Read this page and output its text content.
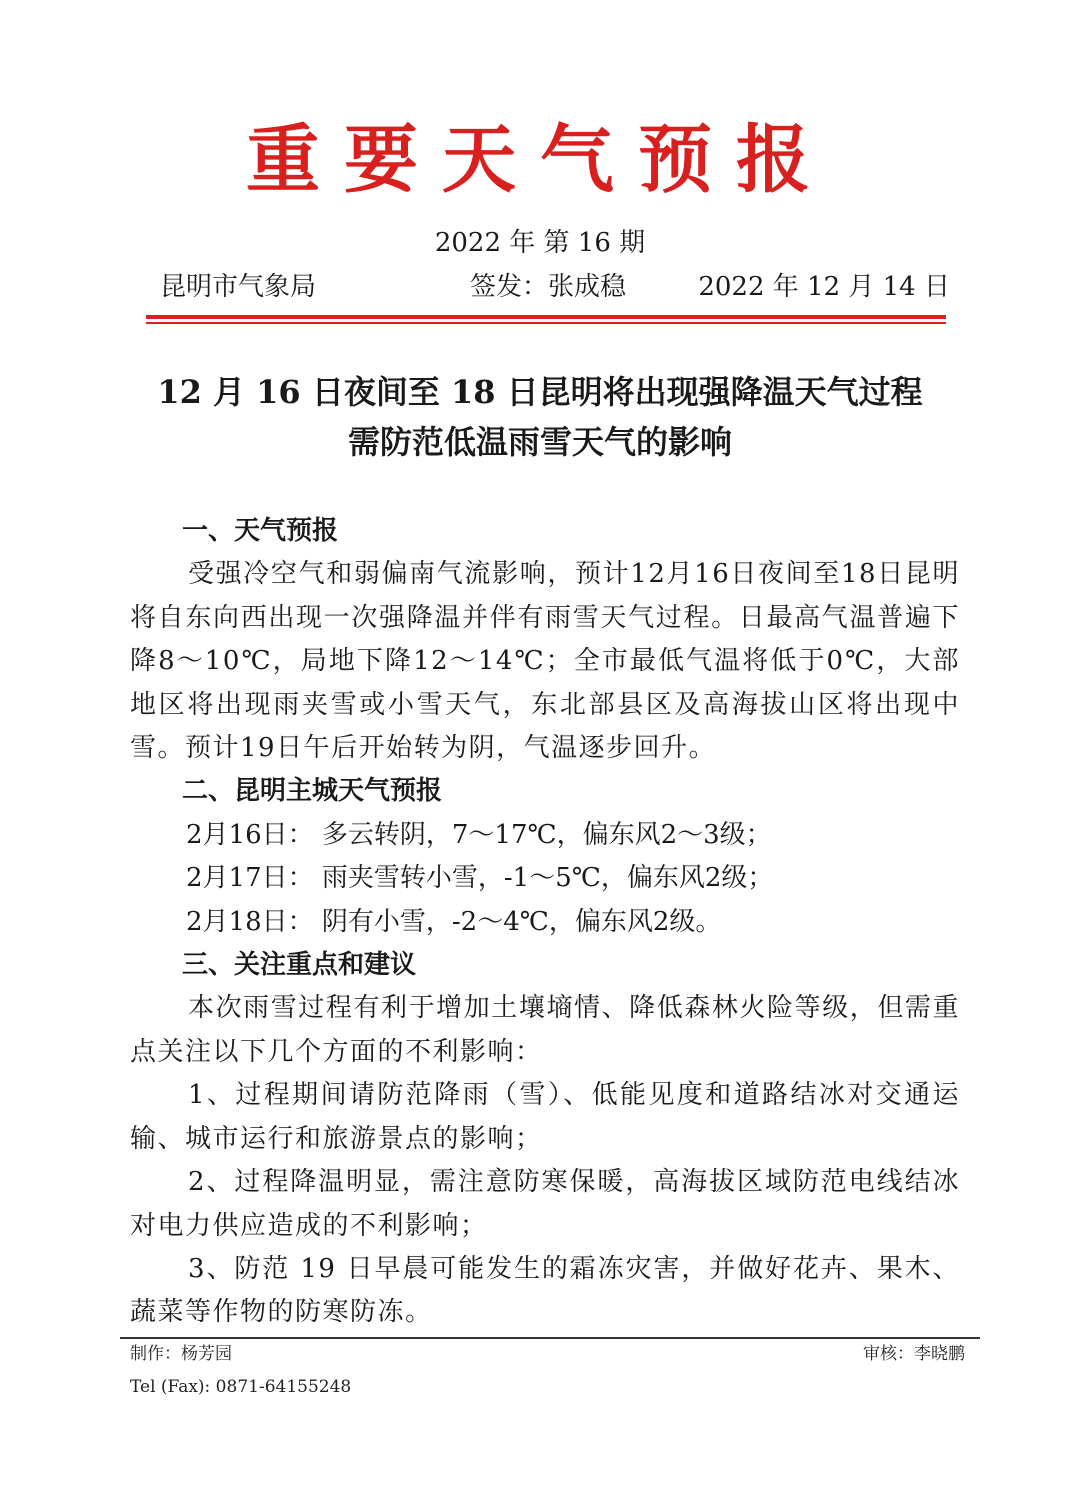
重要天气预报
2022 年 第 16 期
昆明市气象局	签发：张成稳	2022 年 12 月 14 日
12 月 16 日夜间至 18 日昆明将出现强降温天气过程
需防范低温雨雪天气的影响

一、天气预报

受强冷空气和弱偏南气流影响，预计12月16日夜间至18日昆明将自东向西出现一次强降温并伴有雨雪天气过程。日最高气温普遍下降8～10℃，局地下降12～14℃；全市最低气温将低于0℃，大部地区将出现雨夹雪或小雪天气，东北部县区及高海拔山区将出现中雪。预计19日午后开始转为阴，气温逐步回升。

二、昆明主城天气预报

2月16日： 多云转阴，7～17℃，偏东风2～3级；

2月17日： 雨夹雪转小雪，-1～5℃，偏东风2级；

2月18日： 阴有小雪，-2～4℃，偏东风2级。

三、关注重点和建议

本次雨雪过程有利于增加土壤墒情、降低森林火险等级，但需重点关注以下几个方面的不利影响：

1、过程期间请防范降雨（雪）、低能见度和道路结冰对交通运输、城市运行和旅游景点的影响；

2、过程降温明显，需注意防寒保暖，高海拔区域防范电线结冰对电力供应造成的不利影响；

3、防范 19 日早晨可能发生的霜冻灾害，并做好花卉、果木、蔬菜等作物的防寒防冻。

制作：杨芳园	审核：李晓鹏
Tel (Fax): 0871-64155248
